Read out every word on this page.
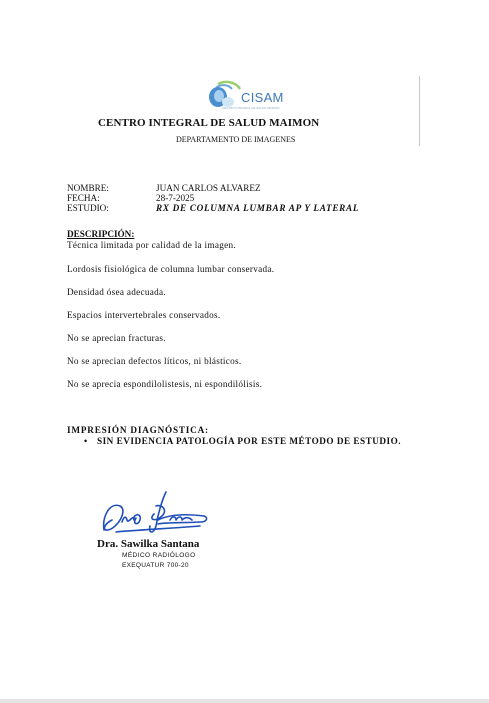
CISAM
CENTRO INTEGRAL DE SALUD MAIMON
CENTRO INTEGRAL DE SALUD MAIMON
DEPARTAMENTO DE IMAGENES
NOMBRE:	JUAN CARLOS ALVAREZ
FECHA:	28-7-2025
ESTUDIO:	RX DE COLUMNA LUMBAR AP Y LATERAL
DESCRIPCIÓN:
Técnica limitada por calidad de la imagen.
Lordosis fisiológica de columna lumbar conservada.
Densidad ósea adecuada.
Espacios intervertebrales conservados.
No se aprecian fracturas.
No se aprecian defectos líticos, ni blásticos.
No se aprecia espondilolistesis, ni espondilólisis.
IMPRESIÓN DIAGNÓSTICA:
• SIN EVIDENCIA PATOLOGÍA POR ESTE MÉTODO DE ESTUDIO.
Dra. Sawilka Santana
MÉDICO RADIÓLOGO
EXEQUATUR 700-20
